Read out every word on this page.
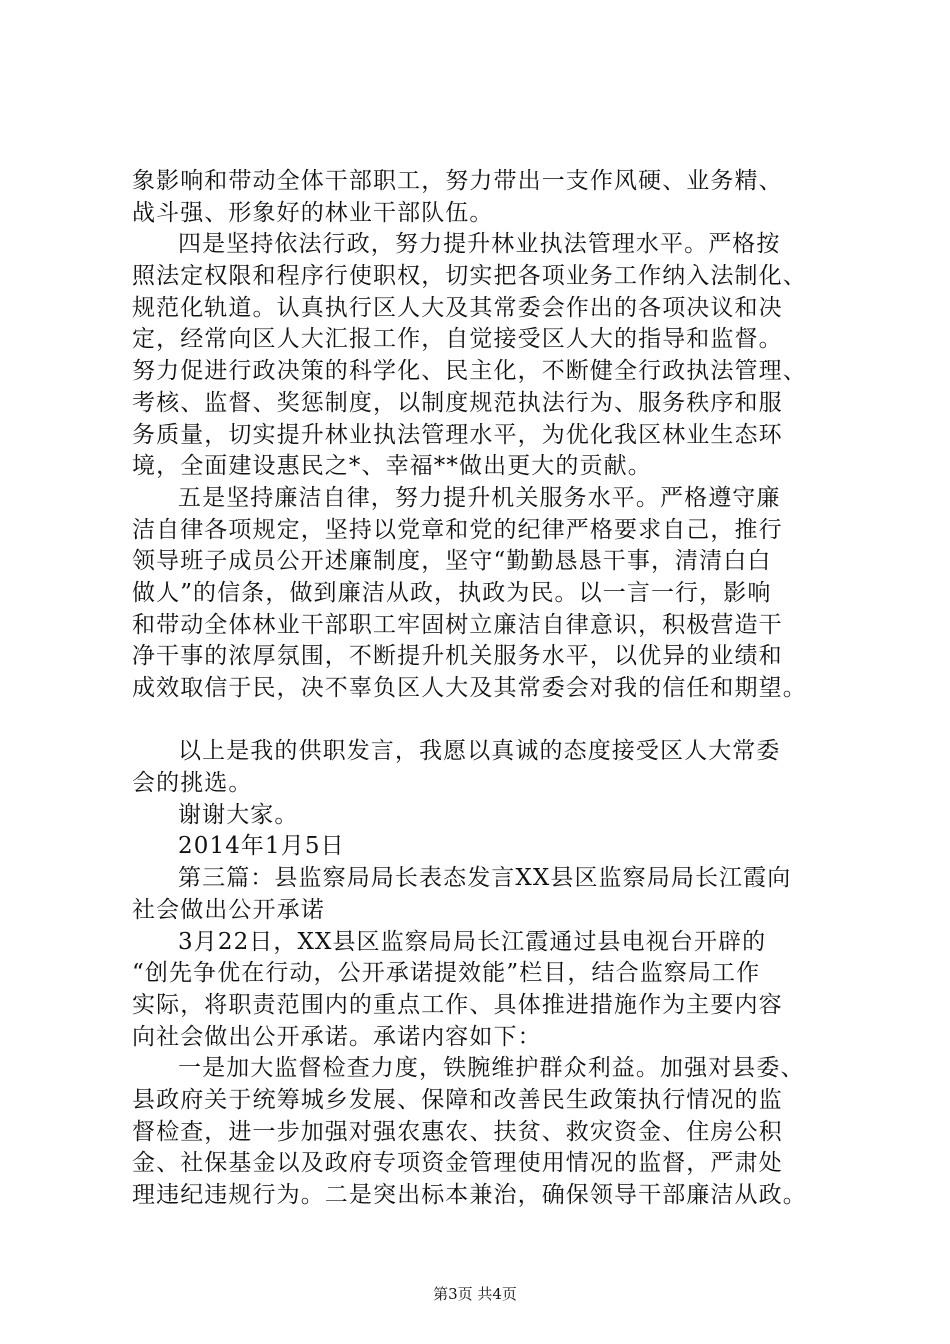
象影响和带动全体干部职工，努力带出一支作风硬、业务精、
战斗强、形象好的林业干部队伍。
四是坚持依法行政，努力提升林业执法管理水平。严格按
照法定权限和程序行使职权，切实把各项业务工作纳入法制化、
规范化轨道。认真执行区人大及其常委会作出的各项决议和决
定，经常向区人大汇报工作，自觉接受区人大的指导和监督。
努力促进行政决策的科学化、民主化，不断健全行政执法管理、
考核、监督、奖惩制度，以制度规范执法行为、服务秩序和服
务质量，切实提升林业执法管理水平，为优化我区林业生态环
境，全面建设惠民之*、幸福**做出更大的贡献。
五是坚持廉洁自律，努力提升机关服务水平。严格遵守廉
洁自律各项规定，坚持以党章和党的纪律严格要求自己，推行
领导班子成员公开述廉制度，坚守“勤勤恳恳干事，清清白白
做人”的信条，做到廉洁从政，执政为民。以一言一行，影响
和带动全体林业干部职工牢固树立廉洁自律意识，积极营造干
净干事的浓厚氛围，不断提升机关服务水平，以优异的业绩和
成效取信于民，决不辜负区人大及其常委会对我的信任和期望。
以上是我的供职发言，我愿以真诚的态度接受区人大常委
会的挑选。
谢谢大家。
2014年1月5日
第三篇：县监察局局长表态发言XX县区监察局局长江霞向
社会做出公开承诺
3月22日，XX县区监察局局长江霞通过县电视台开辟的
“创先争优在行动，公开承诺提效能”栏目，结合监察局工作
实际，将职责范围内的重点工作、具体推进措施作为主要内容
向社会做出公开承诺。承诺内容如下：
一是加大监督检查力度，铁腕维护群众利益。加强对县委、
县政府关于统筹城乡发展、保障和改善民生政策执行情况的监
督检查，进一步加强对强农惠农、扶贫、救灾资金、住房公积
金、社保基金以及政府专项资金管理使用情况的监督，严肃处
理违纪违规行为。二是突出标本兼治，确保领导干部廉洁从政。
第3页 共4页
